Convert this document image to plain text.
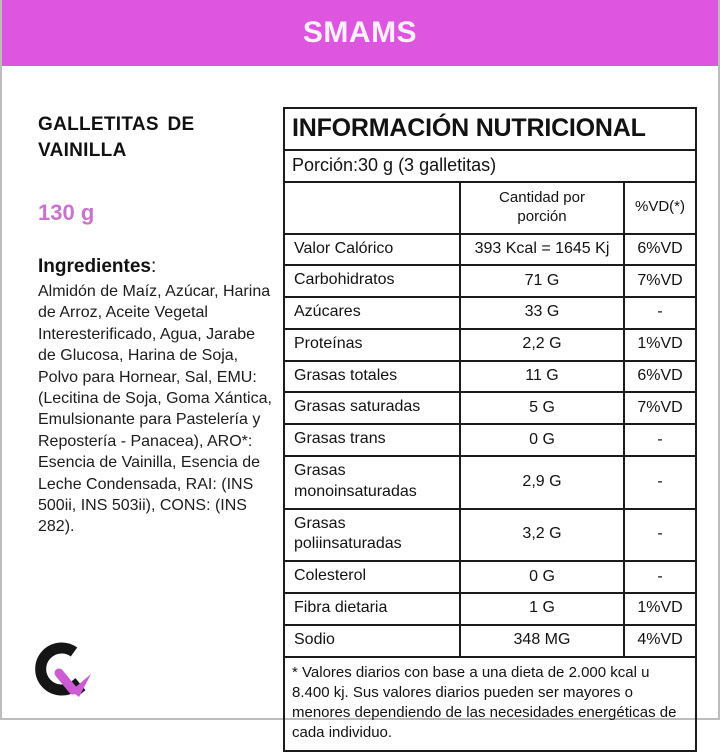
SMAMS
GALLETITAS DE VAINILLA
130 g
Ingredientes:
Almidón de Maíz, Azúcar, Harina de Arroz, Aceite Vegetal Interesterificado, Agua, Jarabe de Glucosa, Harina de Soja, Polvo para Hornear, Sal, EMU: (Lecitina de Soja, Goma Xántica, Emulsionante para Pastelería y Repostería - Panacea), ARO*: Esencia de Vainilla, Esencia de Leche Condensada, RAI: (INS 500ii, INS 503ii), CONS: (INS 282).
INFORMACIÓN NUTRICIONAL		
Porción:30 g (3 galletitas)		
	Cantidad por porción	%VD(*)
Valor Calórico	393 Kcal = 1645 Kj	6%VD
Carbohidratos	71 G	7%VD
Azúcares	33 G	-
Proteínas	2,2 G	1%VD
Grasas totales	11 G	6%VD
Grasas saturadas	5 G	7%VD
Grasas trans	0 G	-
Grasas monoinsaturadas	2,9 G	-
Grasas poliinsaturadas	3,2 G	-
Colesterol	0 G	-
Fibra dietaria	1 G	1%VD
Sodio	348 MG	4%VD
* Valores diarios con base a una dieta de 2.000 kcal u 8.400 kj. Sus valores diarios pueden ser mayores o menores dependiendo de las necesidades energéticas de cada individuo.		
